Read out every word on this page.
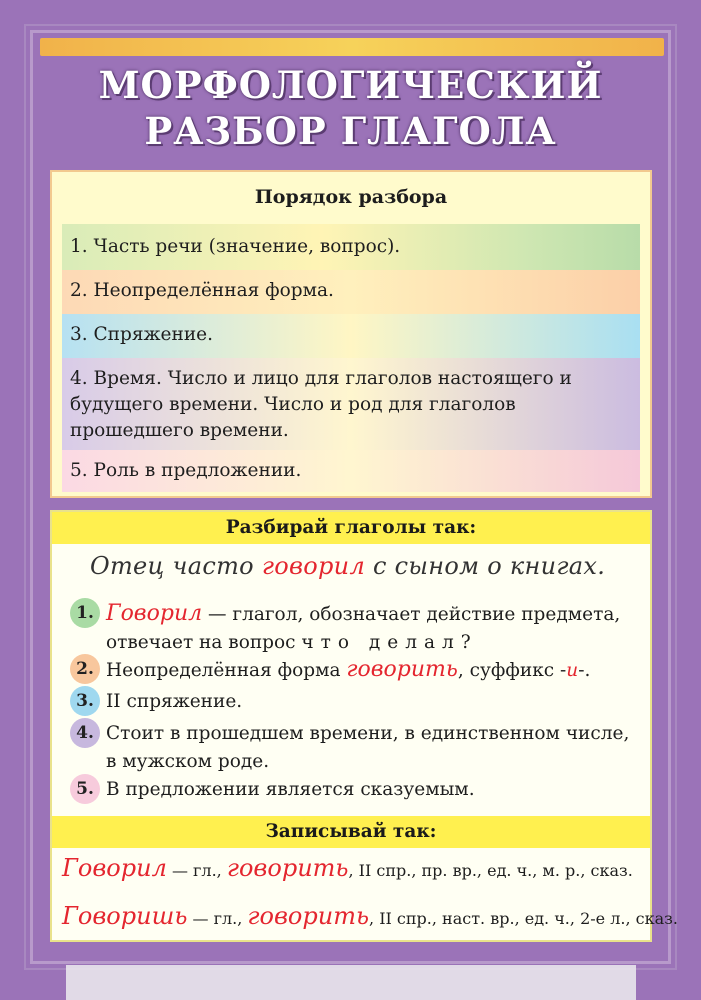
МОРФОЛОГИЧЕСКИЙ
РАЗБОР ГЛАГОЛА
Порядок разбора
1. Часть речи (значение, вопрос).
2. Неопределённая форма.
3. Спряжение.
4. Время. Число и лицо для глаголов настоящего и будущего времени. Число и род для глаголов прошедшего времени.
5. Роль в предложении.
Разбирай глаголы так:
Отец часто говорил с сыном о книгах.
1. Говорил — глагол, обозначает действие предмета, отвечает на вопрос что делал?
2. Неопределённая форма говорить, суффикс -и-.
3. II спряжение.
4. Стоит в прошедшем времени, в единственном числе, в мужском роде.
5. В предложении является сказуемым.
Записывай так:
Говорил — гл., говорить, II спр., пр. вр., ед. ч., м. р., сказ.
Говоришь — гл., говорить, II спр., наст. вр., ед. ч., 2-е л., сказ.
